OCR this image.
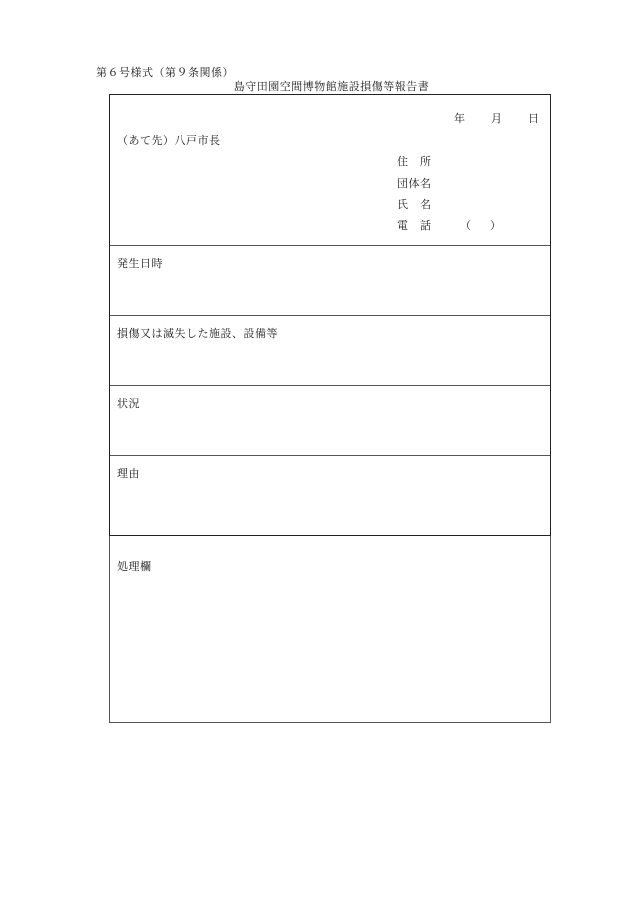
第６号様式（第９条関係）
島守田園空間博物館施設損傷等報告書
年 月 日
（あて先）八戸市長
住　所
団体名
氏　名
電　話	（ ）
発生日時
損傷又は滅失した施設、設備等
状況
理由
処理欄
